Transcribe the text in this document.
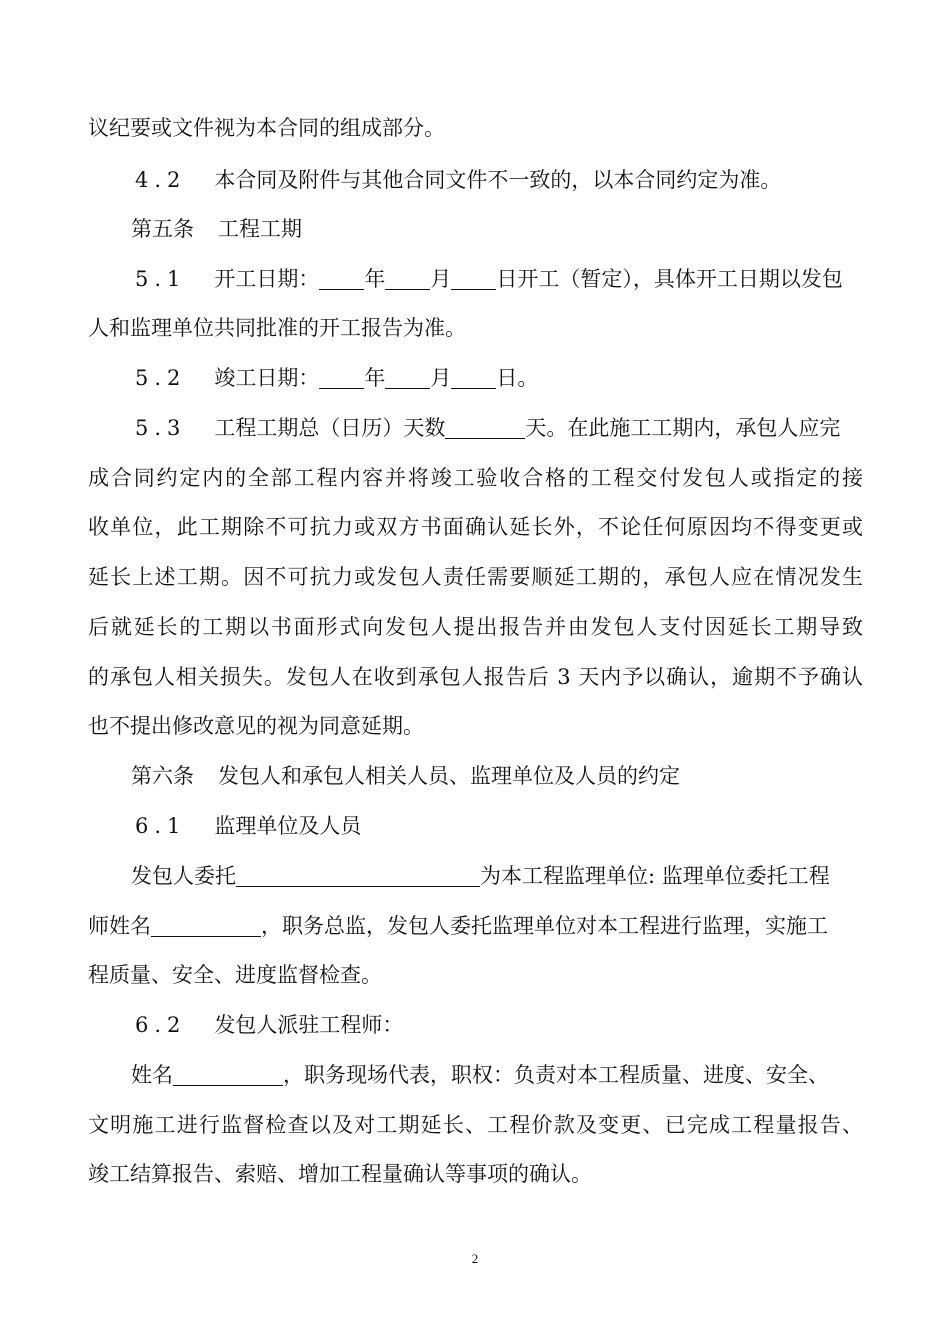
议纪要或文件视为本合同的组成部分。
4.2 本合同及附件与其他合同文件不一致的，以本合同约定为准。
第五条 工程工期
5.1 开工日期： 年 月 日开工（暂定），具体开工日期以发包
人和监理单位共同批准的开工报告为准。
5.2 竣工日期： 年 月 日。
5.3 工程工期总（日历）天数	天。在此施工工期内，承包人应完
成合同约定内的全部工程内容并将竣工验收合格的工程交付发包人或指定的接
收单位，此工期除不可抗力或双方书面确认延长外，不论任何原因均不得变更或
延长上述工期。因不可抗力或发包人责任需要顺延工期的，承包人应在情况发生
后就延长的工期以书面形式向发包人提出报告并由发包人支付因延长工期导致
的承包人相关损失。发包人在收到承包人报告后 3 天内予以确认，逾期不予确认
也不提出修改意见的视为同意延期。
第六条 发包人和承包人相关人员、监理单位及人员的约定
6.1 监理单位及人员
发包人委托	为本工程监理单位: 监理单位委托工程
师姓名	，职务总监，发包人委托监理单位对本工程进行监理，实施工
程质量、安全、进度监督检查。
6.2 发包人派驻工程师：
姓名	，职务现场代表，职权：负责对本工程质量、进度、安全、
文明施工进行监督检查以及对工期延长、工程价款及变更、已完成工程量报告、
竣工结算报告、索赔、增加工程量确认等事项的确认。
2
